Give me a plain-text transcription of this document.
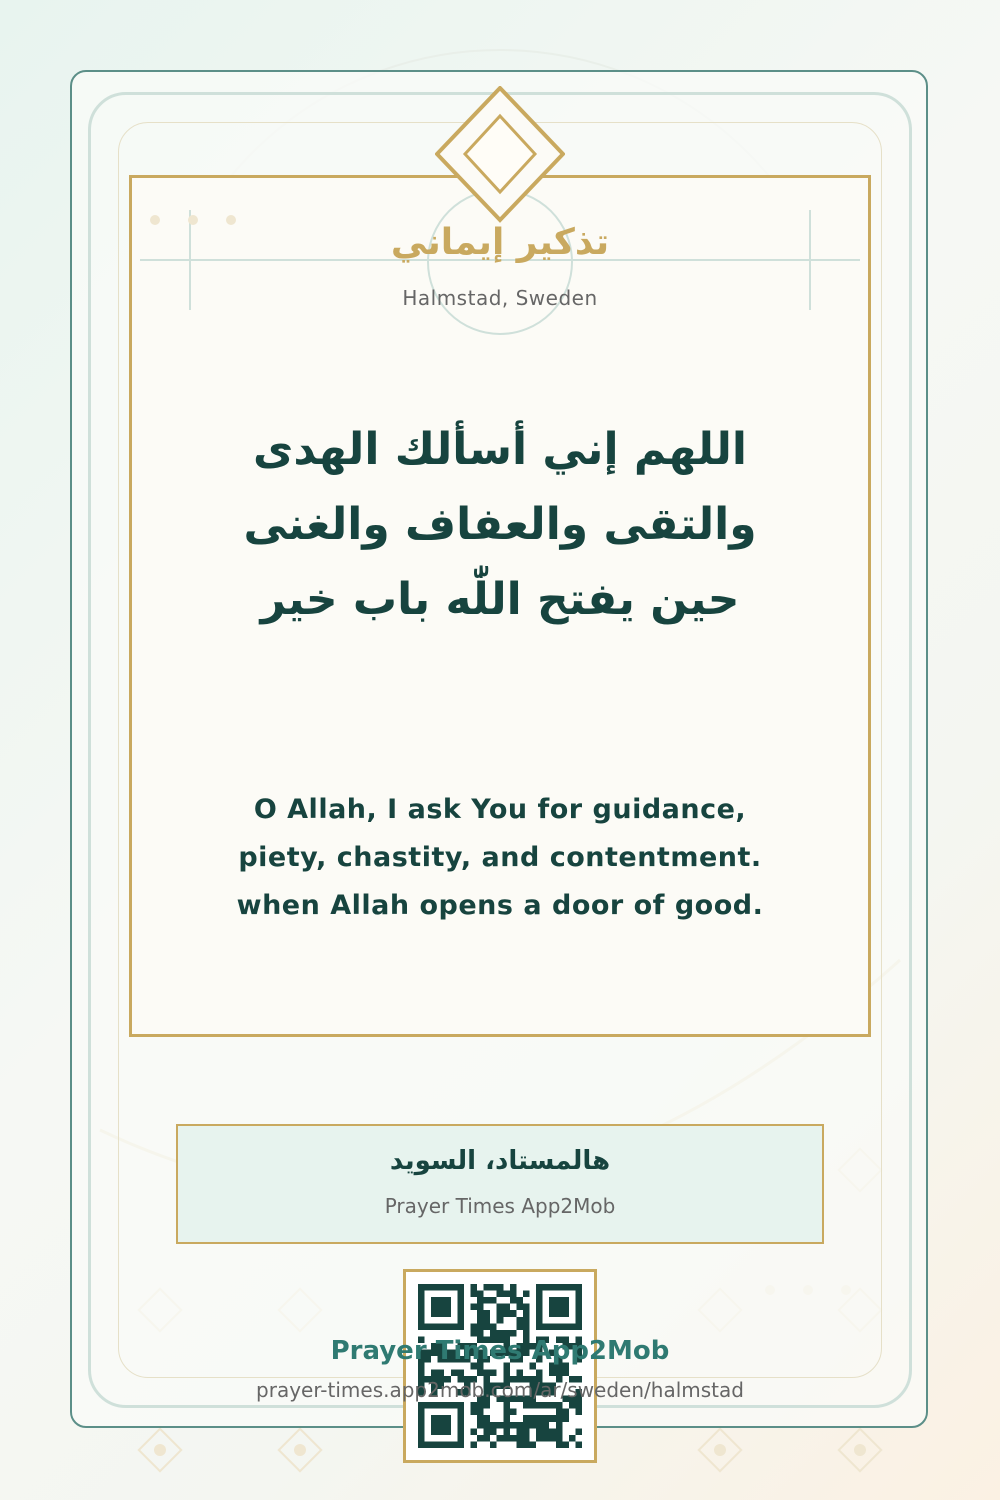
تذكير إيماني
Halmstad, Sweden
اللهم إني أسألك الهدى
والتقى والعفاف والغنى
حين يفتح اللّٰه باب خير
O Allah, I ask You for guidance,
piety, chastity, and contentment.
when Allah opens a door of good.
هالمستاد، السويد
Prayer Times App2Mob
Prayer Times App2Mob
prayer-times.app2mob.com/ar/sweden/halmstad
